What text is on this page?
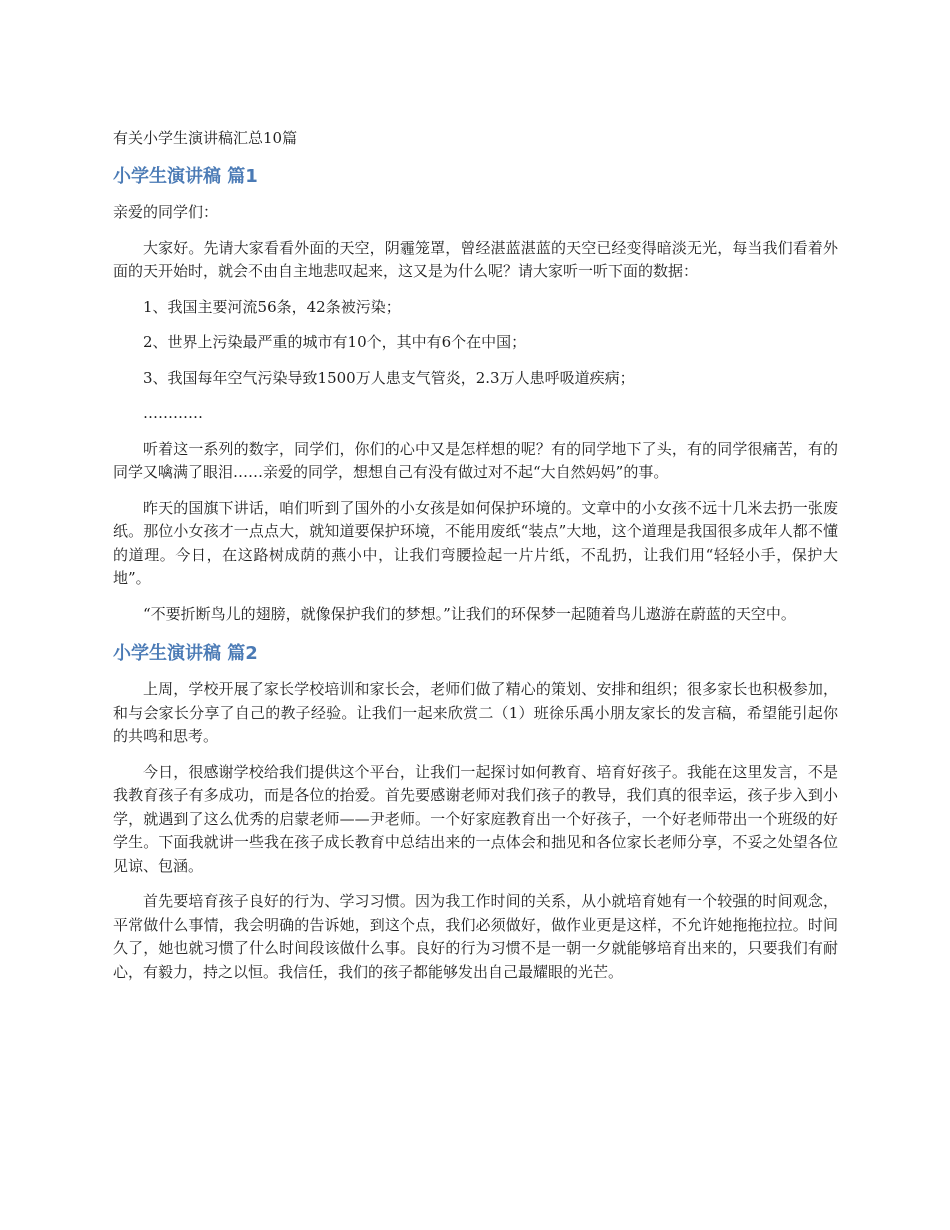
有关小学生演讲稿汇总10篇
小学生演讲稿 篇1

亲爱的同学们：

大家好。先请大家看看外面的天空，阴霾笼罩，曾经湛蓝湛蓝的天空已经变得暗淡无光，每当我们看着外面的天开始时，就会不由自主地悲叹起来，这又是为什么呢？请大家听一听下面的数据：

1、我国主要河流56条，42条被污染；

2、世界上污染最严重的城市有10个，其中有6个在中国；

3、我国每年空气污染导致1500万人患支气管炎，2.3万人患呼吸道疾病；

…………

听着这一系列的数字，同学们，你们的心中又是怎样想的呢？有的同学地下了头，有的同学很痛苦，有的同学又噙满了眼泪……亲爱的同学，想想自己有没有做过对不起“大自然妈妈”的事。

昨天的国旗下讲话，咱们听到了国外的小女孩是如何保护环境的。文章中的小女孩不远十几米去扔一张废纸。那位小女孩才一点点大，就知道要保护环境，不能用废纸“装点”大地，这个道理是我国很多成年人都不懂的道理。今日，在这路树成荫的燕小中，让我们弯腰捡起一片片纸，不乱扔，让我们用“轻轻小手，保护大地”。

“不要折断鸟儿的翅膀，就像保护我们的梦想。”让我们的环保梦一起随着鸟儿遨游在蔚蓝的天空中。

小学生演讲稿 篇2

上周，学校开展了家长学校培训和家长会，老师们做了精心的策划、安排和组织；很多家长也积极参加，和与会家长分享了自己的教子经验。让我们一起来欣赏二（1）班徐乐禹小朋友家长的发言稿，希望能引起你的共鸣和思考。

今日，很感谢学校给我们提供这个平台，让我们一起探讨如何教育、培育好孩子。我能在这里发言，不是我教育孩子有多成功，而是各位的抬爱。首先要感谢老师对我们孩子的教导，我们真的很幸运，孩子步入到小学，就遇到了这么优秀的启蒙老师——尹老师。一个好家庭教育出一个好孩子，一个好老师带出一个班级的好学生。下面我就讲一些我在孩子成长教育中总结出来的一点体会和拙见和各位家长老师分享，不妥之处望各位见谅、包涵。

首先要培育孩子良好的行为、学习习惯。因为我工作时间的关系，从小就培育她有一个较强的时间观念，平常做什么事情，我会明确的告诉她，到这个点，我们必须做好，做作业更是这样，不允许她拖拖拉拉。时间久了，她也就习惯了什么时间段该做什么事。良好的行为习惯不是一朝一夕就能够培育出来的，只要我们有耐心，有毅力，持之以恒。我信任，我们的孩子都能够发出自己最耀眼的光芒。
